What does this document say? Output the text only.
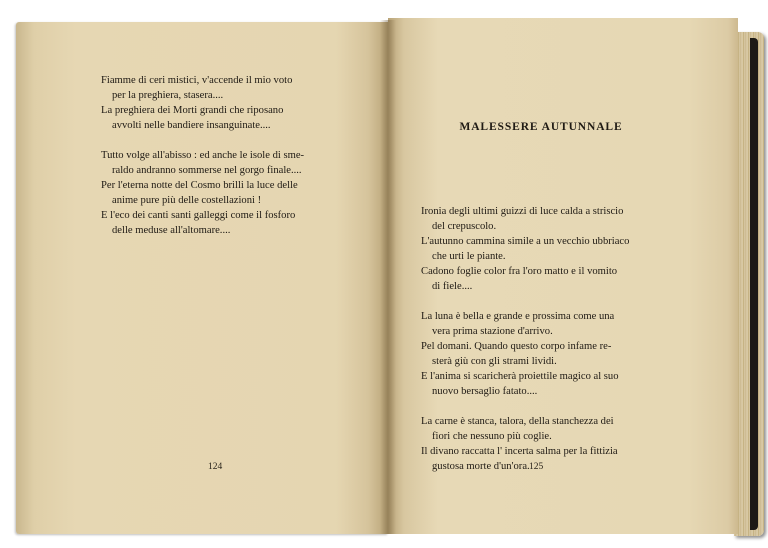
Fiamme di ceri mistici, v'accende il mio voto
per la preghiera, stasera....
La preghiera dei Morti grandi che riposano
avvolti nelle bandiere insanguinate....
Tutto volge all'abisso : ed anche le isole di sme-
raldo andranno sommerse nel gorgo finale....
Per l'eterna notte del Cosmo brilli la luce delle
anime pure più delle costellazioni !
E l'eco dei canti santi galleggi come il fosforo
delle meduse all'altomare....
124
MALESSERE AUTUNNALE
Ironia degli ultimi guizzi di luce calda a striscio
del crepuscolo.
L'autunno cammina simile a un vecchio ubbriaco
che urti le piante.
Cadono foglie color fra l'oro matto e il vomito
di fiele....
La luna è bella e grande e prossima come una
vera prima stazione d'arrivo.
Pel domani. Quando questo corpo infame re-
sterà giù con gli strami lividi.
E l'anima si scaricherà proiettile magico al suo
nuovo bersaglio fatato....
La carne è stanca, talora, della stanchezza dei
fiori che nessuno più coglie.
Il divano raccatta l' incerta salma per la fittizia
gustosa morte d'un'ora. 125
